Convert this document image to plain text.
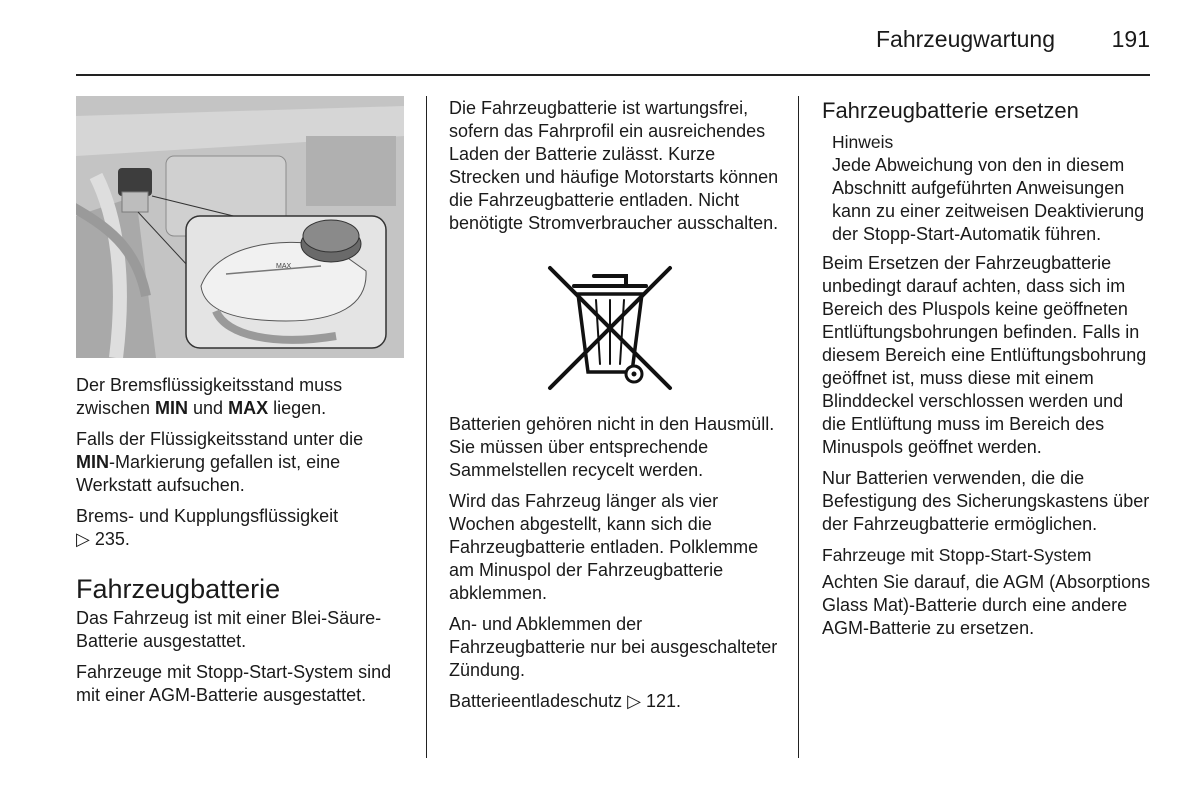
Fahrzeugwartung 191
MAX

Der Bremsflüssigkeitsstand muss zwischen MIN und MAX liegen.

Falls der Flüssigkeitsstand unter die MIN-Markierung gefallen ist, eine Werkstatt aufsuchen.

Brems- und Kupplungsflüssigkeit
▷ 235.

Fahrzeugbatterie

Das Fahrzeug ist mit einer Blei-Säure-Batterie ausgestattet.

Fahrzeuge mit Stopp-Start-System sind mit einer AGM-Batterie ausgestattet.

Die Fahrzeugbatterie ist wartungsfrei, sofern das Fahrprofil ein ausreichendes Laden der Batterie zulässt. Kurze Strecken und häufige Motorstarts können die Fahrzeugbatterie entladen. Nicht benötigte Stromverbraucher ausschalten.

Batterien gehören nicht in den Hausmüll. Sie müssen über entsprechende Sammelstellen recycelt werden.

Wird das Fahrzeug länger als vier Wochen abgestellt, kann sich die Fahrzeugbatterie entladen. Polklemme am Minuspol der Fahrzeugbatterie abklemmen.

An- und Abklemmen der Fahrzeugbatterie nur bei ausgeschalteter Zündung.

Batterieentladeschutz ▷ 121.

Fahrzeugbatterie ersetzen
Hinweis
Jede Abweichung von den in diesem Abschnitt aufgeführten Anweisungen kann zu einer zeitweisen Deaktivierung der Stopp-Start-Automatik führen.

Beim Ersetzen der Fahrzeugbatterie unbedingt darauf achten, dass sich im Bereich des Pluspols keine geöffneten Entlüftungsbohrungen befinden. Falls in diesem Bereich eine Entlüftungsbohrung geöffnet ist, muss diese mit einem Blinddeckel verschlossen werden und die Entlüftung muss im Bereich des Minuspols geöffnet werden.

Nur Batterien verwenden, die die Befestigung des Sicherungskastens über der Fahrzeugbatterie ermöglichen.

Fahrzeuge mit Stopp-Start-System

Achten Sie darauf, die AGM (Absorptions Glass Mat)-Batterie durch eine andere AGM-Batterie zu ersetzen.
